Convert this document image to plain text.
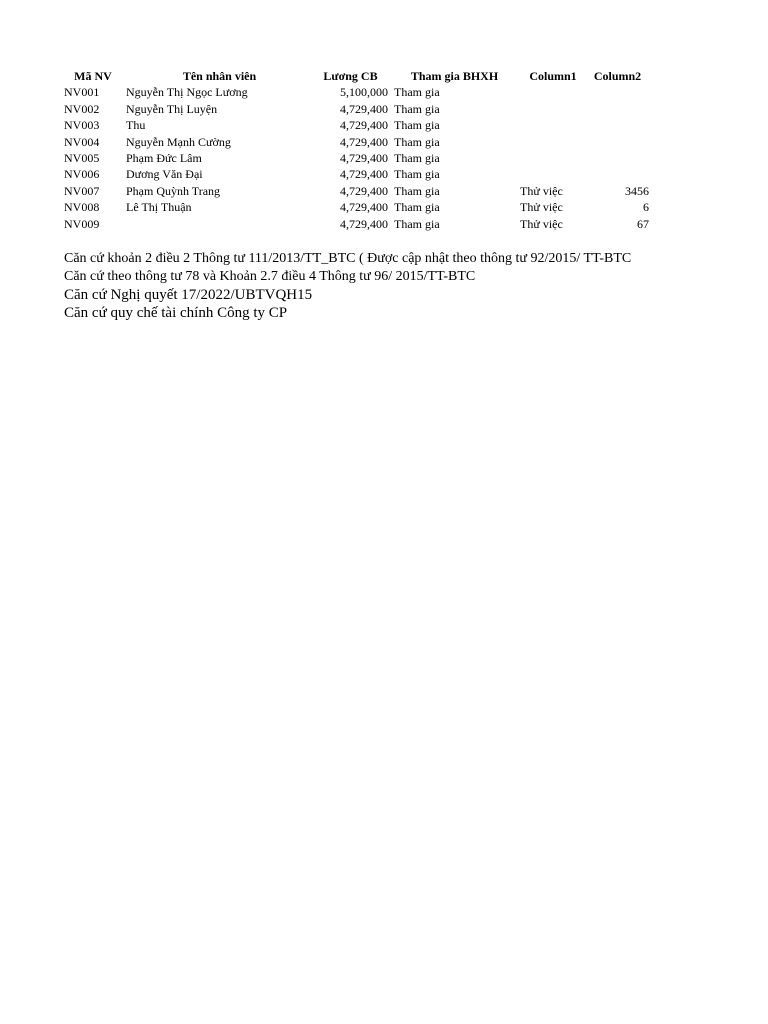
Mã NV	Tên nhân viên	Lương CB	Tham gia BHXH	Column1	Column2
NV001	Nguyễn Thị Ngọc Lương	5,100,000	Tham gia		
NV002	Nguyễn Thị Luyện	4,729,400	Tham gia		
NV003	Thu	4,729,400	Tham gia		
NV004	Nguyễn Mạnh Cường	4,729,400	Tham gia		
NV005	Phạm Đức Lâm	4,729,400	Tham gia		
NV006	Dương Văn Đại	4,729,400	Tham gia		
NV007	Phạm Quỳnh Trang	4,729,400	Tham gia	Thử việc	3456
NV008	Lê Thị Thuận	4,729,400	Tham gia	Thử việc	6
NV009		4,729,400	Tham gia	Thử việc	67
Căn cứ khoản 2 điều 2 Thông tư 111/2013/TT_BTC ( Được cập nhật theo thông tư 92/2015/ TT-BTC
Căn cứ theo thông tư 78 và Khoản 2.7 điều 4 Thông tư 96/ 2015/TT-BTC
Căn cứ Nghị quyết 17/2022/UBTVQH15
Căn cứ quy chế tài chính Công ty CP
